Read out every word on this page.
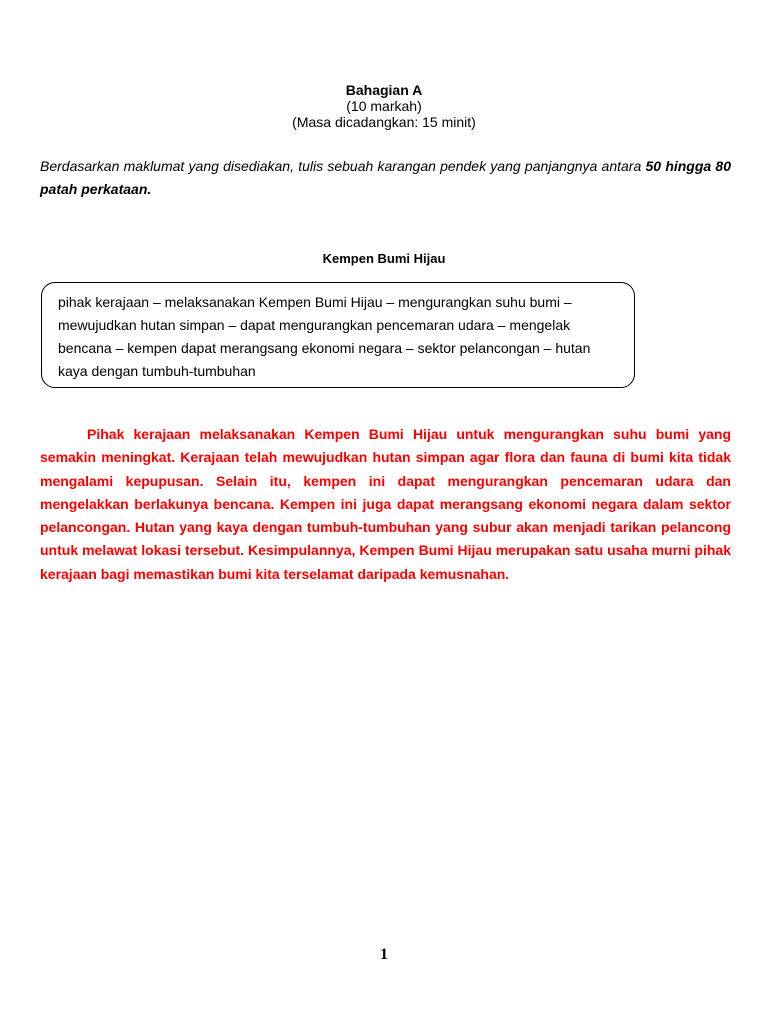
Bahagian A
(10 markah)
(Masa dicadangkan: 15 minit)
Berdasarkan maklumat yang disediakan, tulis sebuah karangan pendek yang panjangnya antara 50 hingga 80 patah perkataan.
Kempen Bumi Hijau
pihak kerajaan – melaksanakan Kempen Bumi Hijau – mengurangkan suhu bumi – mewujudkan hutan simpan – dapat mengurangkan pencemaran udara – mengelak bencana – kempen dapat merangsang ekonomi negara – sektor pelancongan – hutan kaya dengan tumbuh-tumbuhan
Pihak kerajaan melaksanakan Kempen Bumi Hijau untuk mengurangkan suhu bumi yang semakin meningkat. Kerajaan telah mewujudkan hutan simpan agar flora dan fauna di bumi kita tidak mengalami kepupusan. Selain itu, kempen ini dapat mengurangkan pencemaran udara dan mengelakkan berlakunya bencana. Kempen ini juga dapat merangsang ekonomi negara dalam sektor pelancongan. Hutan yang kaya dengan tumbuh-tumbuhan yang subur akan menjadi tarikan pelancong untuk melawat lokasi tersebut. Kesimpulannya, Kempen Bumi Hijau merupakan satu usaha murni pihak kerajaan bagi memastikan bumi kita terselamat daripada kemusnahan.
1
